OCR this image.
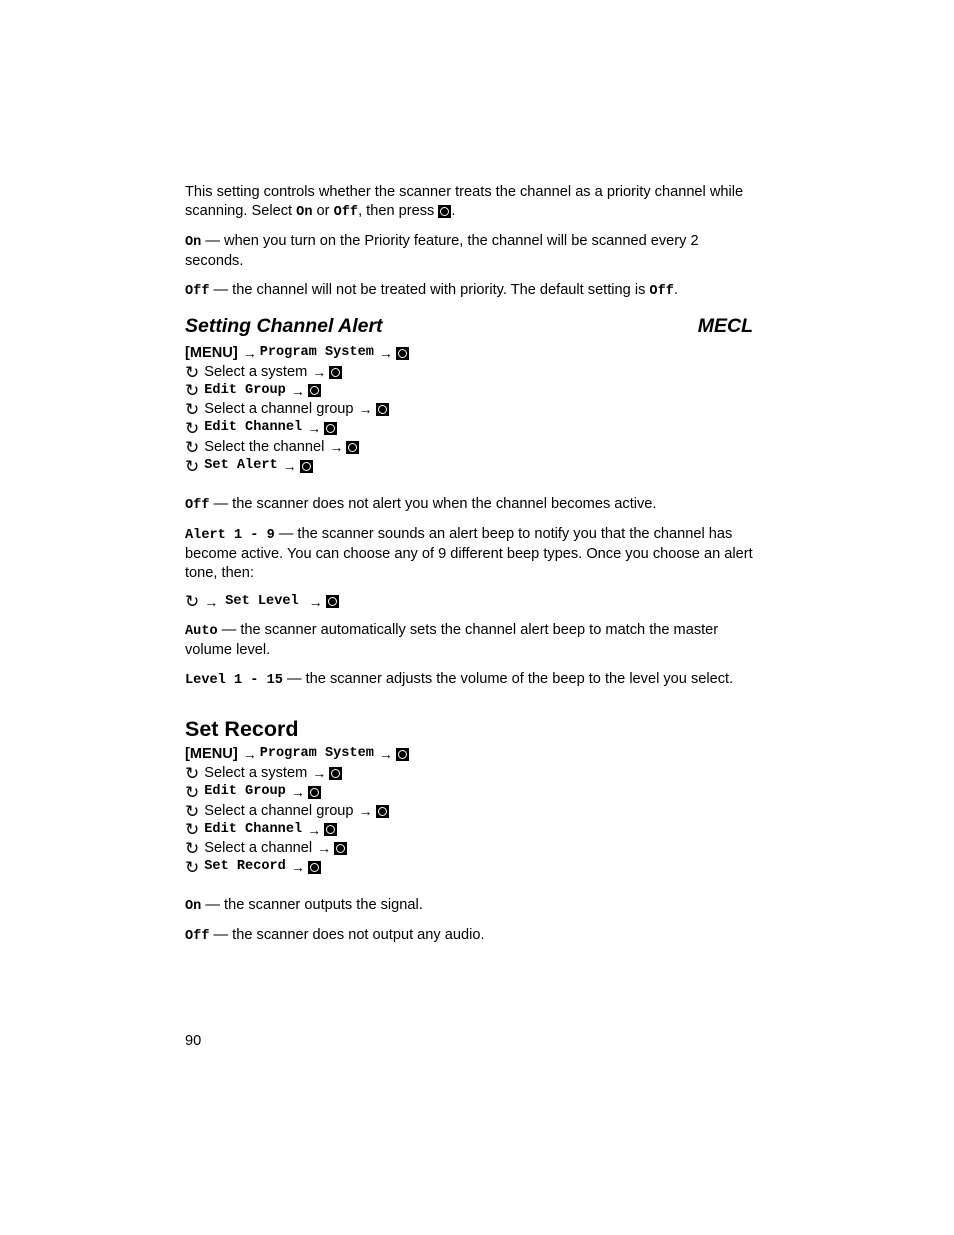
This setting controls whether the scanner treats the channel as a priority channel while scanning. Select On or Off, then press .

On — when you turn on the Priority feature, the channel will be scanned every 2 seconds.

Off — the channel will not be treated with priority. The default setting is Off.

Setting Channel Alert	MECL
[MENU] → Program System →
↻ Select a system →
↻ Edit Group →
↻ Select a channel group →
↻ Edit Channel →
↻ Select the channel →
↻ Set Alert →

Off — the scanner does not alert you when the channel becomes active.

Alert 1 - 9 — the scanner sounds an alert beep to notify you that the channel has become active. You can choose any of 9 different beep types. Once you choose an alert tone, then:

↻ → Set Level →

Auto — the scanner automatically sets the channel alert beep to match the master volume level.

Level 1 - 15 — the scanner adjusts the volume of the beep to the level you select.

Set Record
[MENU] → Program System →
↻ Select a system →
↻ Edit Group →
↻ Select a channel group →
↻ Edit Channel →
↻ Select a channel →
↻ Set Record →

On — the scanner outputs the signal.

Off — the scanner does not output any audio.

90
